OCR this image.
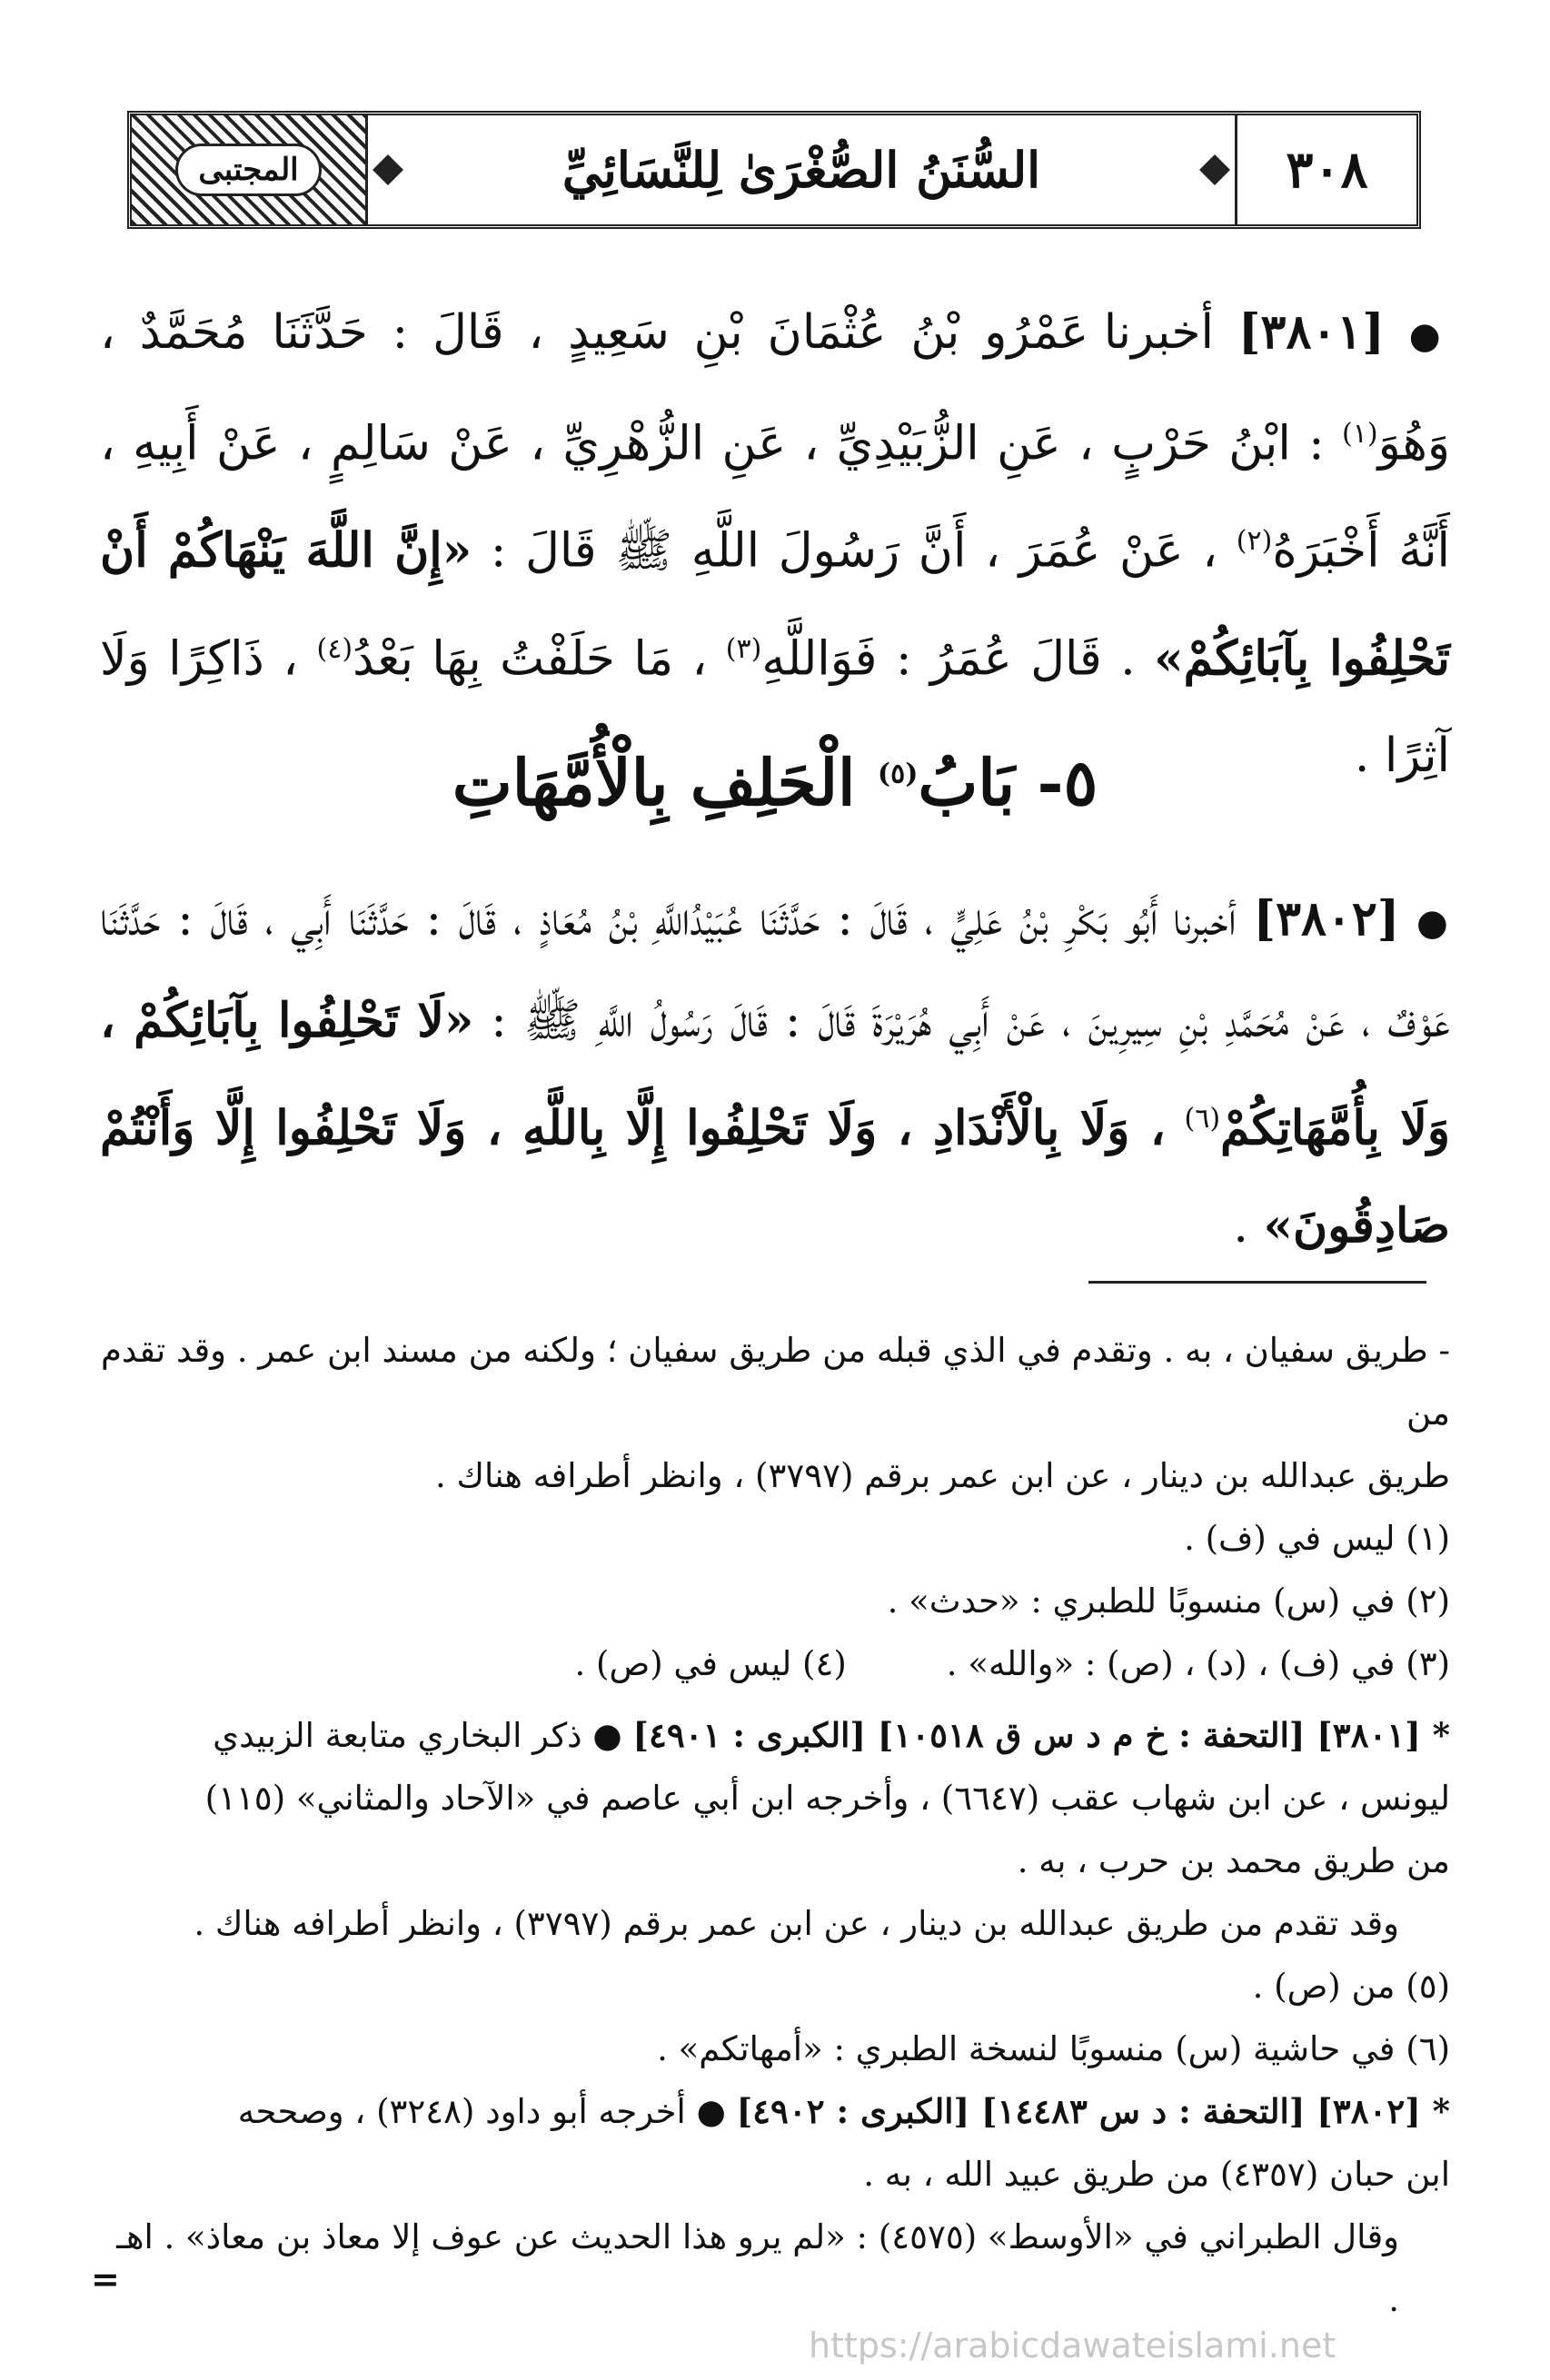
٣٠٨
السُّنَنُ الصُّغْرَىٰ لِلنَّسَائِيِّ
المجتبى
● [٣٨٠١] أخبرنا عَمْرُو بْنُ عُثْمَانَ بْنِ سَعِيدٍ ، قَالَ : حَدَّثَنَا مُحَمَّدٌ ، وَهُوَ$^{(١)}$ : ابْنُ حَرْبٍ ، عَنِ الزُّبَيْدِيِّ ، عَنِ الزُّهْرِيِّ ، عَنْ سَالِمٍ ، عَنْ أَبِيهِ ، أَنَّهُ أَخْبَرَهُ$^{(٢)}$ ، عَنْ عُمَرَ ، أَنَّ رَسُولَ اللَّهِ ﷺ قَالَ : «إِنَّ اللَّهَ يَنْهَاكُمْ أَنْ تَحْلِفُوا بِآبَائِكُمْ» . قَالَ عُمَرُ : فَوَاللَّهِ$^{(٣)}$ ، مَا حَلَفْتُ بِهَا بَعْدُ$^{(٤)}$ ، ذَاكِرًا وَلَا آثِرًا .
٥- بَابُ$^{(٥)}$ الْحَلِفِ بِالْأُمَّهَاتِ
● [٣٨٠٢] أخبرنا أَبُو بَكْرِ بْنُ عَلِيٍّ ، قَالَ : حَدَّثَنَا عُبَيْدُاللَّهِ بْنُ مُعَاذٍ ، قَالَ : حَدَّثَنَا أَبِي ، قَالَ : حَدَّثَنَا عَوْفٌ ، عَنْ مُحَمَّدِ بْنِ سِيرِينَ ، عَنْ أَبِي هُرَيْرَةَ قَالَ : قَالَ رَسُولُ اللَّهِ ﷺ : «لَا تَحْلِفُوا بِآبَائِكُمْ ، وَلَا بِأُمَّهَاتِكُمْ$^{(٦)}$ ، وَلَا بِالْأَنْدَادِ ، وَلَا تَحْلِفُوا إِلَّا بِاللَّهِ ، وَلَا تَحْلِفُوا إِلَّا وَأَنْتُمْ صَادِقُونَ» .

- طريق سفيان ، به . وتقدم في الذي قبله من طريق سفيان ؛ ولكنه من مسند ابن عمر . وقد تقدم من

طريق عبدالله بن دينار ، عن ابن عمر برقم (٣٧٩٧) ، وانظر أطرافه هناك .

(١) ليس في (ف) .

(٢) في (س) منسوبًا للطبري : «حدث» .

(٣) في (ف) ، (د) ، (ص) : «والله» .
(٤) ليس في (ص) .

* [٣٨٠١] [التحفة : خ م د س ق ١٠٥١٨] [الكبرى : ٤٩٠١] ● ذكر البخاري متابعة الزبيدي

ليونس ، عن ابن شهاب عقب (٦٦٤٧) ، وأخرجه ابن أبي عاصم في «الآحاد والمثاني» (١١٥)

من طريق محمد بن حرب ، به .

وقد تقدم من طريق عبدالله بن دينار ، عن ابن عمر برقم (٣٧٩٧) ، وانظر أطرافه هناك .

(٥) من (ص) .

(٦) في حاشية (س) منسوبًا لنسخة الطبري : «أمهاتكم» .

* [٣٨٠٢] [التحفة : د س ١٤٤٨٣] [الكبرى : ٤٩٠٢] ● أخرجه أبو داود (٣٢٤٨) ، وصححه

ابن حبان (٤٣٥٧) من طريق عبيد الله ، به .

وقال الطبراني في «الأوسط» (٤٥٧٥) : «لم يرو هذا الحديث عن عوف إلا معاذ بن معاذ» . اهـ .

=
https://arabicdawateislami.net
